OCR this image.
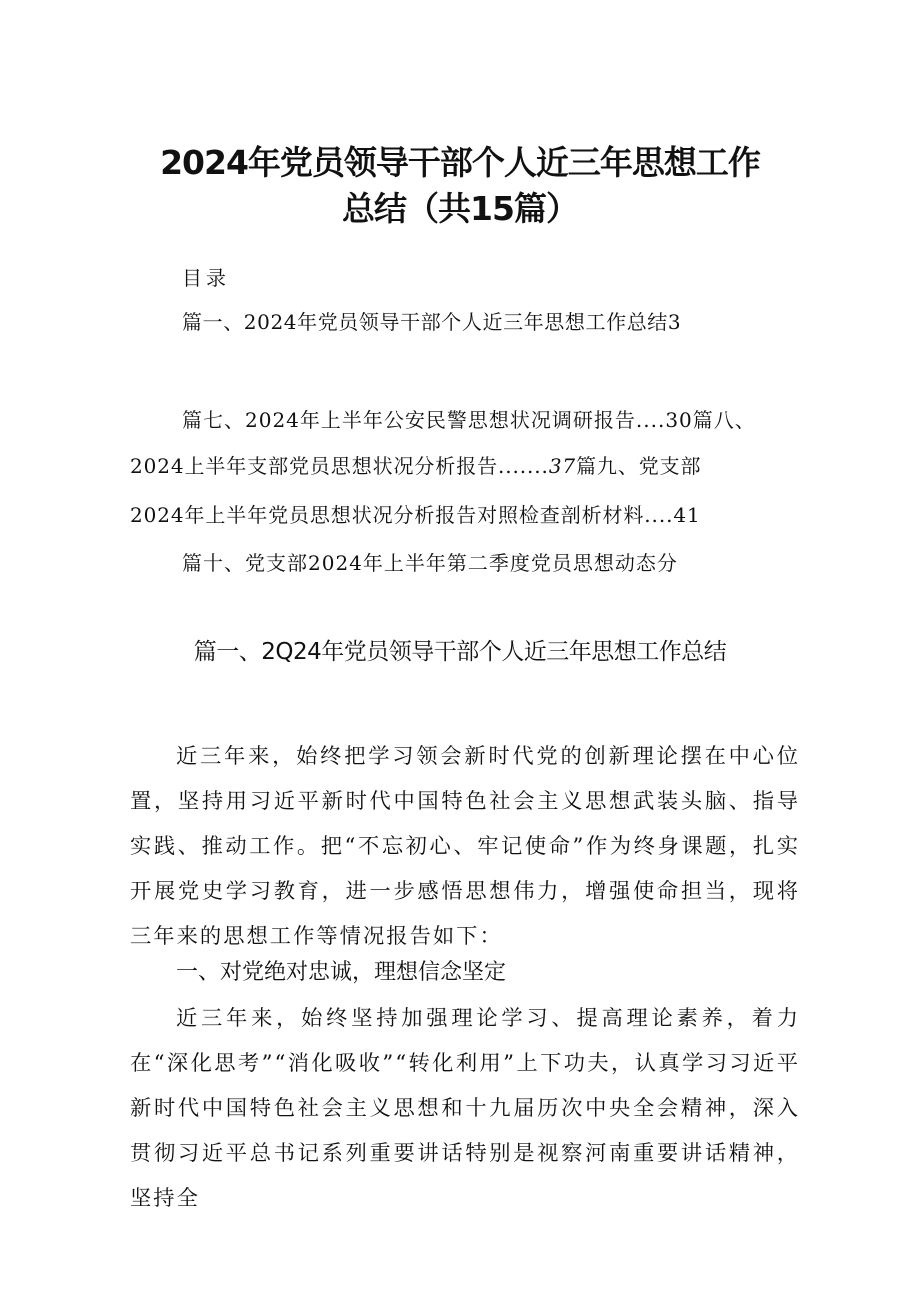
2024年党员领导干部个人近三年思想工作
总结（共15篇）
目录
篇一、2024年党员领导干部个人近三年思想工作总结3
篇七、2024年上半年公安民警思想状况调研报告....30篇八、
2024上半年支部党员思想状况分析报告.......37篇九、党支部
2024年上半年党员思想状况分析报告对照检查剖析材料....41
篇十、党支部2024年上半年第二季度党员思想动态分
篇一、2Q24年党员领导干部个人近三年思想工作总结
近三年来，始终把学习领会新时代党的创新理论摆在中心位置，坚持用习近平新时代中国特色社会主义思想武装头脑、指导实践、推动工作。把“不忘初心、牢记使命”作为终身课题，扎实开展党史学习教育，进一步感悟思想伟力，增强使命担当，现将三年来的思想工作等情况报告如下：
一、对党绝对忠诚，理想信念坚定
近三年来，始终坚持加强理论学习、提高理论素养，着力在“深化思考”“消化吸收”“转化利用”上下功夫，认真学习习近平新时代中国特色社会主义思想和十九届历次中央全会精神，深入贯彻习近平总书记系列重要讲话特别是视察河南重要讲话精神，坚持全
